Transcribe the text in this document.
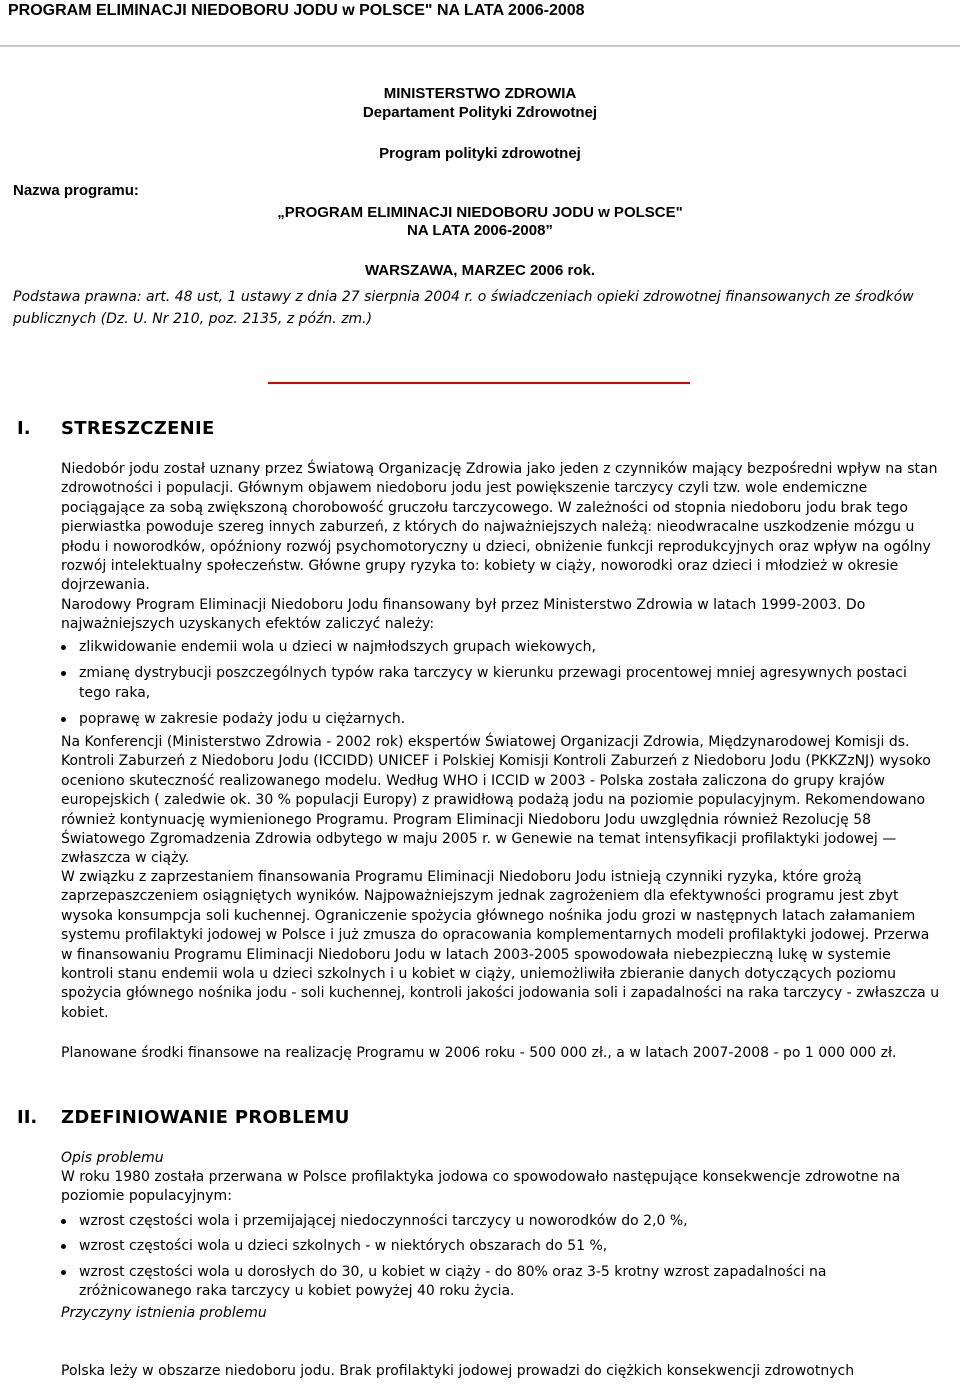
PROGRAM ELIMINACJI NIEDOBORU JODU w POLSCE" NA LATA 2006-2008
MINISTERSTWO ZDROWIA
Departament Polityki Zdrowotnej
Program polityki zdrowotnej
Nazwa programu:
„PROGRAM ELIMINACJI NIEDOBORU JODU w POLSCE"
NA LATA 2006-2008”
WARSZAWA, MARZEC 2006 rok.
Podstawa prawna: art. 48 ust, 1 ustawy z dnia 27 sierpnia 2004 r. o świadczeniach opieki zdrowotnej finansowanych ze środków publicznych (Dz. U. Nr 210, poz. 2135, z późn. zm.)
I. STRESZCZENIE

Niedobór jodu został uznany przez Światową Organizację Zdrowia jako jeden z czynników mający bezpośredni wpływ na stan zdrowotności i populacji. Głównym objawem niedoboru jodu jest powiększenie tarczycy czyli tzw. wole endemiczne pociągające za sobą zwiększoną chorobowość gruczołu tarczycowego. W zależności od stopnia niedoboru jodu brak tego pierwiastka powoduje szereg innych zaburzeń, z których do najważniejszych należą: nieodwracalne uszkodzenie mózgu u płodu i noworodków, opóźniony rozwój psychomotoryczny u dzieci, obniżenie funkcji reprodukcyjnych oraz wpływ na ogólny rozwój intelektualny społeczeństw. Główne grupy ryzyka to: kobiety w ciąży, noworodki oraz dzieci i młodzież w okresie dojrzewania.

Narodowy Program Eliminacji Niedoboru Jodu finansowany był przez Ministerstwo Zdrowia w latach 1999-2003. Do najważniejszych uzyskanych efektów zaliczyć należy:

zlikwidowanie endemii wola u dzieci w najmłodszych grupach wiekowych,
zmianę dystrybucji poszczególnych typów raka tarczycy w kierunku przewagi procentowej mniej agresywnych postaci tego raka,
poprawę w zakresie podaży jodu u ciężarnych.

Na Konferencji (Ministerstwo Zdrowia - 2002 rok) ekspertów Światowej Organizacji Zdrowia, Międzynarodowej Komisji ds. Kontroli Zaburzeń z Niedoboru Jodu (ICCIDD) UNICEF i Polskiej Komisji Kontroli Zaburzeń z Niedoboru Jodu (PKKZzNJ) wysoko oceniono skuteczność realizowanego modelu. Według WHO i ICCID w 2003 - Polska została zaliczona do grupy krajów europejskich ( zaledwie ok. 30 % populacji Europy) z prawidłową podażą jodu na poziomie populacyjnym. Rekomendowano również kontynuację wymienionego Programu. Program Eliminacji Niedoboru Jodu uwzględnia również Rezolucję 58 Światowego Zgromadzenia Zdrowia odbytego w maju 2005 r. w Genewie na temat intensyfikacji profilaktyki jodowej — zwłaszcza w ciąży.

W związku z zaprzestaniem finansowania Programu Eliminacji Niedoboru Jodu istnieją czynniki ryzyka, które grożą zaprzepaszczeniem osiągniętych wyników. Najpoważniejszym jednak zagrożeniem dla efektywności programu jest zbyt wysoka konsumpcja soli kuchennej. Ograniczenie spożycia głównego nośnika jodu grozi w następnych latach załamaniem systemu profilaktyki jodowej w Polsce i już zmusza do opracowania komplementarnych modeli profilaktyki jodowej. Przerwa w finansowaniu Programu Eliminacji Niedoboru Jodu w latach 2003-2005 spowodowała niebezpieczną lukę w systemie kontroli stanu endemii wola u dzieci szkolnych i u kobiet w ciąży, uniemożliwiła zbieranie danych dotyczących poziomu spożycia głównego nośnika jodu - soli kuchennej, kontroli jakości jodowania soli i zapadalności na raka tarczycy - zwłaszcza u kobiet.

Planowane środki finansowe na realizację Programu w 2006 roku - 500 000 zł., a w latach 2007-2008 - po 1 000 000 zł.

II. ZDEFINIOWANIE PROBLEMU

Opis problemu

W roku 1980 została przerwana w Polsce profilaktyka jodowa co spowodowało następujące konsekwencje zdrowotne na poziomie populacyjnym:

wzrost częstości wola i przemijającej niedoczynności tarczycy u noworodków do 2,0 %,
wzrost częstości wola u dzieci szkolnych - w niektórych obszarach do 51 %,
wzrost częstości wola u dorosłych do 30, u kobiet w ciąży - do 80% oraz 3-5 krotny wzrost zapadalności na zróżnicowanego raka tarczycy u kobiet powyżej 40 roku życia.

Przyczyny istnienia problemu

Polska leży w obszarze niedoboru jodu. Brak profilaktyki jodowej prowadzi do ciężkich konsekwencji zdrowotnych
